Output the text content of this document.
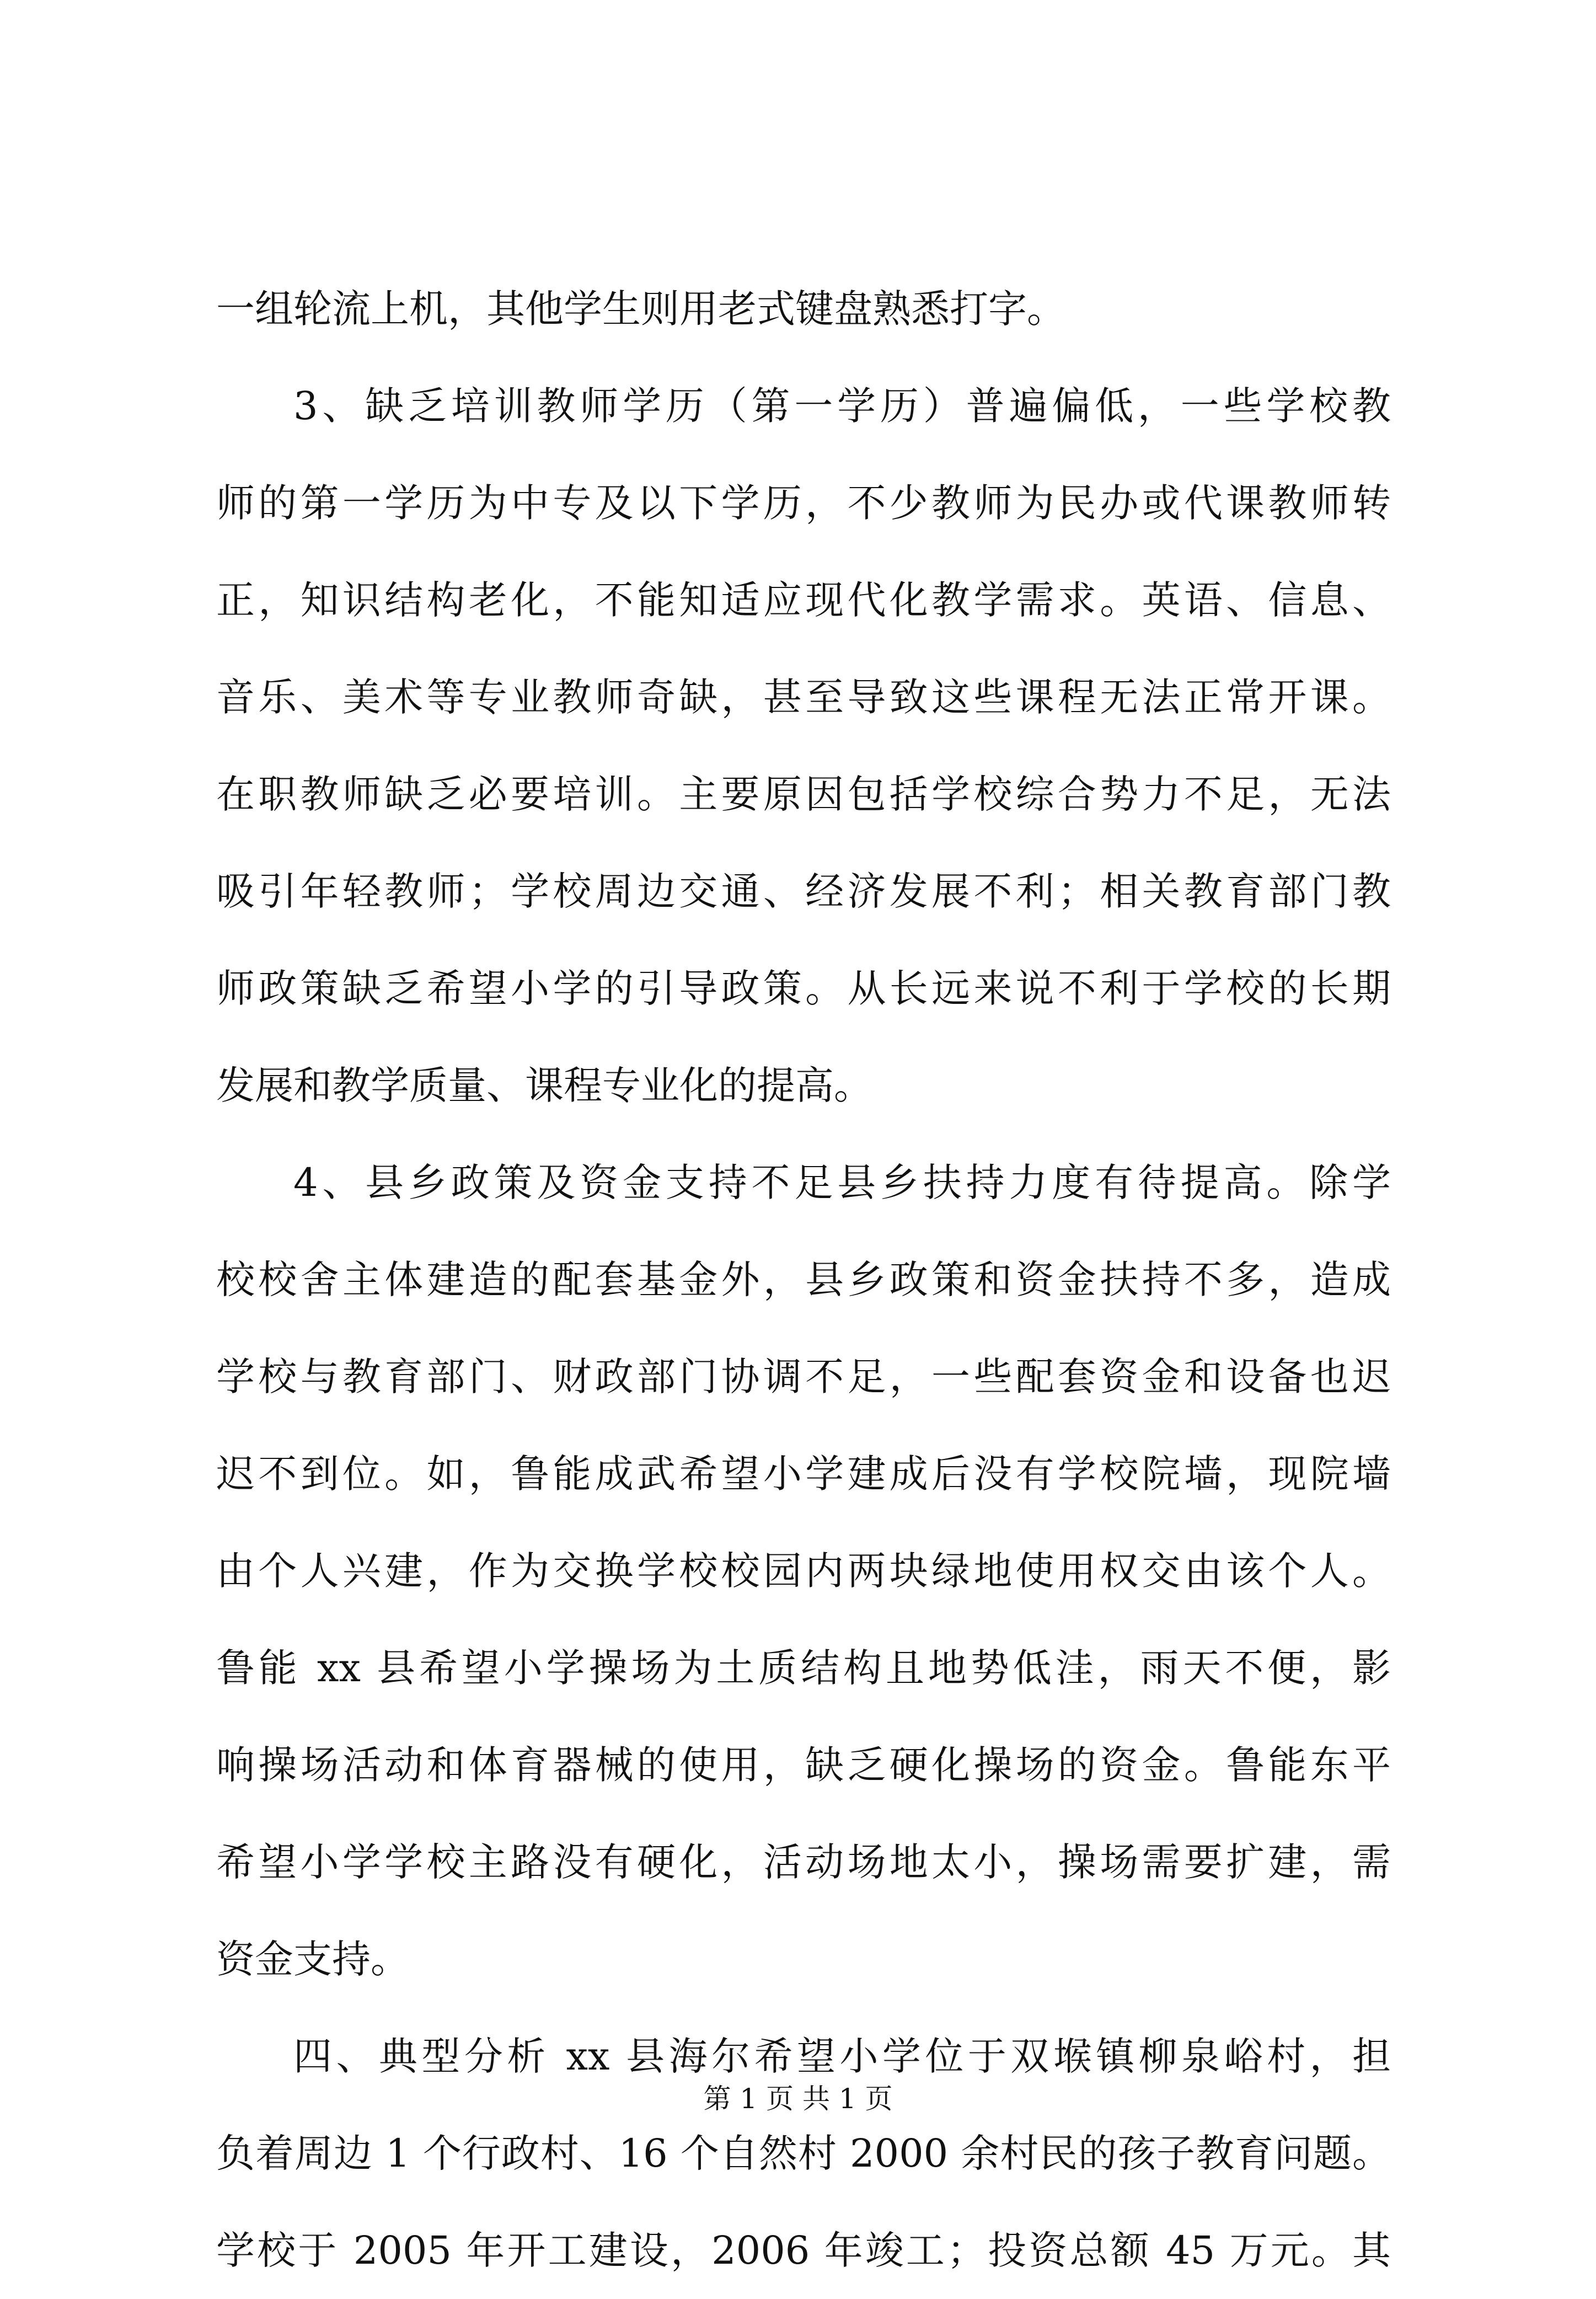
一组轮流上机，其他学生则用老式键盘熟悉打字。
3、缺乏培训教师学历（第一学历）普遍偏低，一些学校教
师的第一学历为中专及以下学历，不少教师为民办或代课教师转
正，知识结构老化，不能知适应现代化教学需求。英语、信息、
音乐、美术等专业教师奇缺，甚至导致这些课程无法正常开课。
在职教师缺乏必要培训。主要原因包括学校综合势力不足，无法
吸引年轻教师；学校周边交通、经济发展不利；相关教育部门教
师政策缺乏希望小学的引导政策。从长远来说不利于学校的长期
发展和教学质量、课程专业化的提高。
4、县乡政策及资金支持不足县乡扶持力度有待提高。除学
校校舍主体建造的配套基金外，县乡政策和资金扶持不多，造成
学校与教育部门、财政部门协调不足，一些配套资金和设备也迟
迟不到位。如，鲁能成武希望小学建成后没有学校院墙，现院墙
由个人兴建，作为交换学校校园内两块绿地使用权交由该个人。
鲁能 xx 县希望小学操场为土质结构且地势低洼，雨天不便，影
响操场活动和体育器械的使用，缺乏硬化操场的资金。鲁能东平
希望小学学校主路没有硬化，活动场地太小，操场需要扩建，需
资金支持。
四、典型分析 xx 县海尔希望小学位于双堠镇柳泉峪村，担
负着周边 1 个行政村、16 个自然村 2000 余村民的孩子教育问题。
学校于 2005 年开工建设，2006 年竣工；投资总额 45 万元。其
第 1 页 共 1 页
